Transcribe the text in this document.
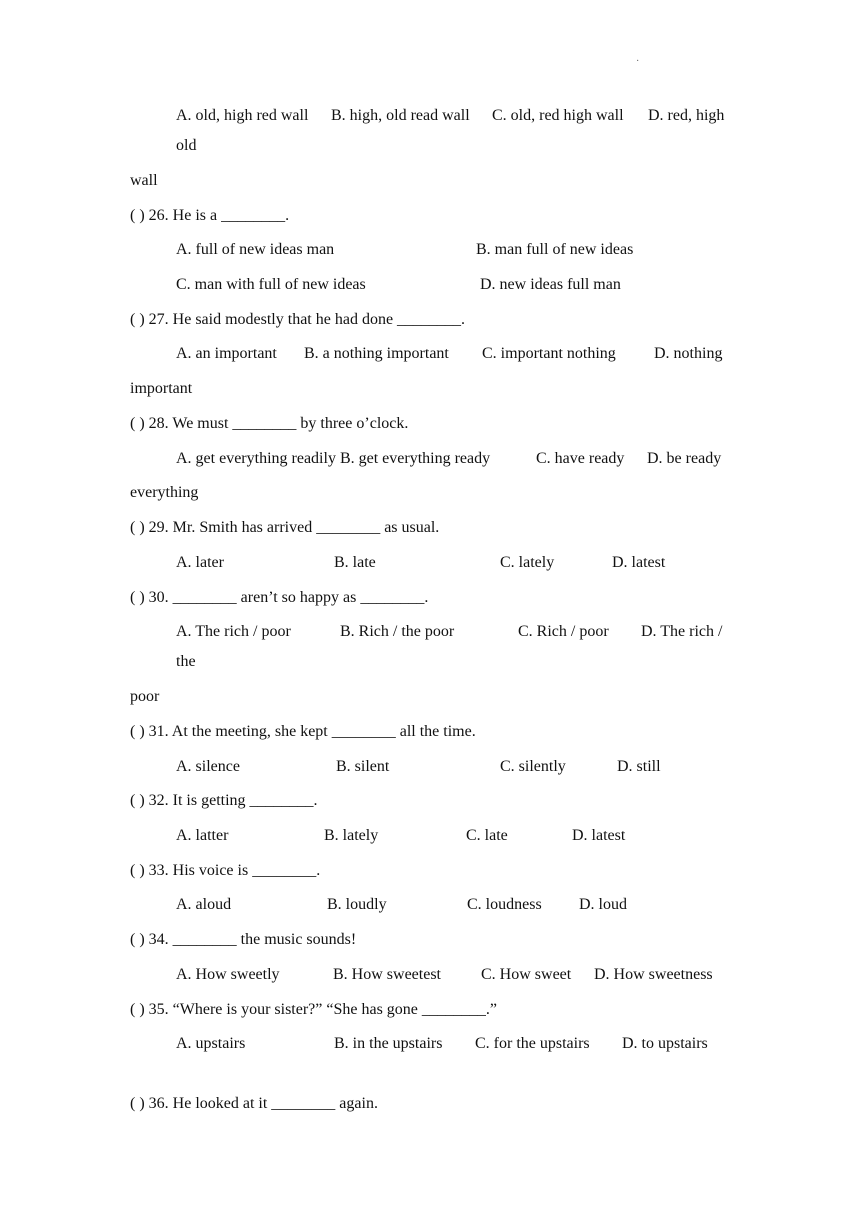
·
A. old, high red wall B. high, old read wall C. old, red high wall D. red, high
old
wall
( ) 26. He is a ________.
A. full of new ideas man	B. man full of new ideas
C. man with full of new ideas	D. new ideas full man
( ) 27. He said modestly that he had done ________.
A. an important B. a nothing important C. important nothing D. nothing
important
( ) 28. We must ________ by three o’clock.
A. get everything readily B. get everything ready	C. have ready D. be ready
everything
( ) 29. Mr. Smith has arrived ________ as usual.
A. later	B. late	C. lately	D. latest
( ) 30. ________ aren’t so happy as ________.
A. The rich / poor	B. Rich / the poor	C. Rich / poor D. The rich /
the
poor
( ) 31. At the meeting, she kept ________ all the time.
A. silence	B. silent	C. silently	D. still
( ) 32. It is getting ________.
A. latter	B. lately	C. late	D. latest
( ) 33. His voice is ________.
A. aloud	B. loudly	C. loudness D. loud
( ) 34. ________ the music sounds!
A. How sweetly	B. How sweetest	C. How sweet D. How sweetness
( ) 35. “Where is your sister?” “She has gone ________.”
A. upstairs	B. in the upstairs C. for the upstairs D. to upstairs
( ) 36. He looked at it ________ again.
